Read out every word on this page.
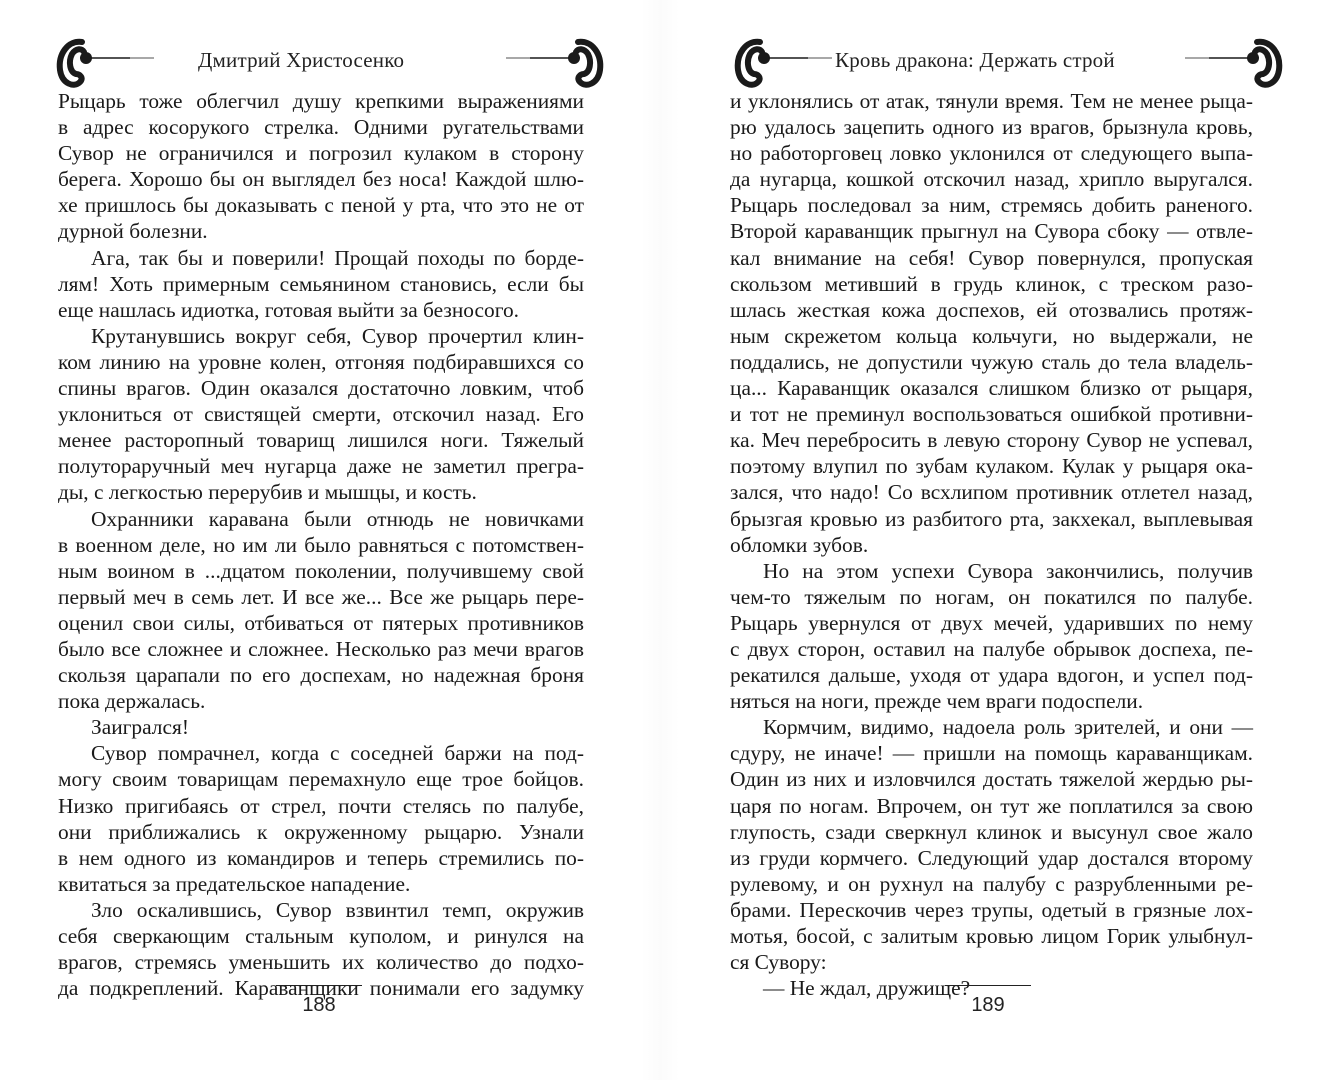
Дмитрий Христосенко
Рыцарь тоже облегчил душу крепкими выражениями
в адрес косорукого стрелка. Одними ругательствами
Сувор не ограничился и погрозил кулаком в сторону
берега. Хорошо бы он выглядел без носа! Каждой шлю-
хе пришлось бы доказывать с пеной у рта, что это не от
дурной болезни.
Ага, так бы и поверили! Прощай походы по борде-
лям! Хоть примерным семьянином становись, если бы
еще нашлась идиотка, готовая выйти за безносого.
Крутанувшись вокруг себя, Сувор прочертил клин-
ком линию на уровне колен, отгоняя подбиравшихся со
спины врагов. Один оказался достаточно ловким, чтоб
уклониться от свистящей смерти, отскочил назад. Его
менее расторопный товарищ лишился ноги. Тяжелый
полутораручный меч нугарца даже не заметил прегра-
ды, с легкостью перерубив и мышцы, и кость.
Охранники каравана были отнюдь не новичками
в военном деле, но им ли было равняться с потомствен-
ным воином в ...дцатом поколении, получившему свой
первый меч в семь лет. И все же... Все же рыцарь пере-
оценил свои силы, отбиваться от пятерых противников
было все сложнее и сложнее. Несколько раз мечи врагов
скользя царапали по его доспехам, но надежная броня
пока держалась.
Заигрался!
Сувор помрачнел, когда с соседней баржи на под-
могу своим товарищам перемахнуло еще трое бойцов.
Низко пригибаясь от стрел, почти стелясь по палубе,
они приближались к окруженному рыцарю. Узнали
в нем одного из командиров и теперь стремились по-
квитаться за предательское нападение.
Зло оскалившись, Сувор взвинтил темп, окружив
себя сверкающим стальным куполом, и ринулся на
врагов, стремясь уменьшить их количество до подхо-
да подкреплений. Караванщики понимали его задумку
188
Кровь дракона: Держать строй
и уклонялись от атак, тянули время. Тем не менее рыца-
рю удалось зацепить одного из врагов, брызнула кровь,
но работорговец ловко уклонился от следующего выпа-
да нугарца, кошкой отскочил назад, хрипло выругался.
Рыцарь последовал за ним, стремясь добить раненого.
Второй караванщик прыгнул на Сувора сбоку — отвле-
кал внимание на себя! Сувор повернулся, пропуская
скользом метивший в грудь клинок, с треском разо-
шлась жесткая кожа доспехов, ей отозвались протяж-
ным скрежетом кольца кольчуги, но выдержали, не
поддались, не допустили чужую сталь до тела владель-
ца... Караванщик оказался слишком близко от рыцаря,
и тот не преминул воспользоваться ошибкой противни-
ка. Меч перебросить в левую сторону Сувор не успевал,
поэтому влупил по зубам кулаком. Кулак у рыцаря ока-
зался, что надо! Со всхлипом противник отлетел назад,
брызгая кровью из разбитого рта, закхекал, выплевывая
обломки зубов.
Но на этом успехи Сувора закончились, получив
чем-то тяжелым по ногам, он покатился по палубе.
Рыцарь увернулся от двух мечей, ударивших по нему
с двух сторон, оставил на палубе обрывок доспеха, пе-
рекатился дальше, уходя от удара вдогон, и успел под-
няться на ноги, прежде чем враги подоспели.
Кормчим, видимо, надоела роль зрителей, и они —
сдуру, не иначе! — пришли на помощь караванщикам.
Один из них и изловчился достать тяжелой жердью ры-
царя по ногам. Впрочем, он тут же поплатился за свою
глупость, сзади сверкнул клинок и высунул свое жало
из груди кормчего. Следующий удар достался второму
рулевому, и он рухнул на палубу с разрубленными ре-
брами. Перескочив через трупы, одетый в грязные лох-
мотья, босой, с залитым кровью лицом Горик улыбнул-
ся Сувору:
— Не ждал, дружище?
189
